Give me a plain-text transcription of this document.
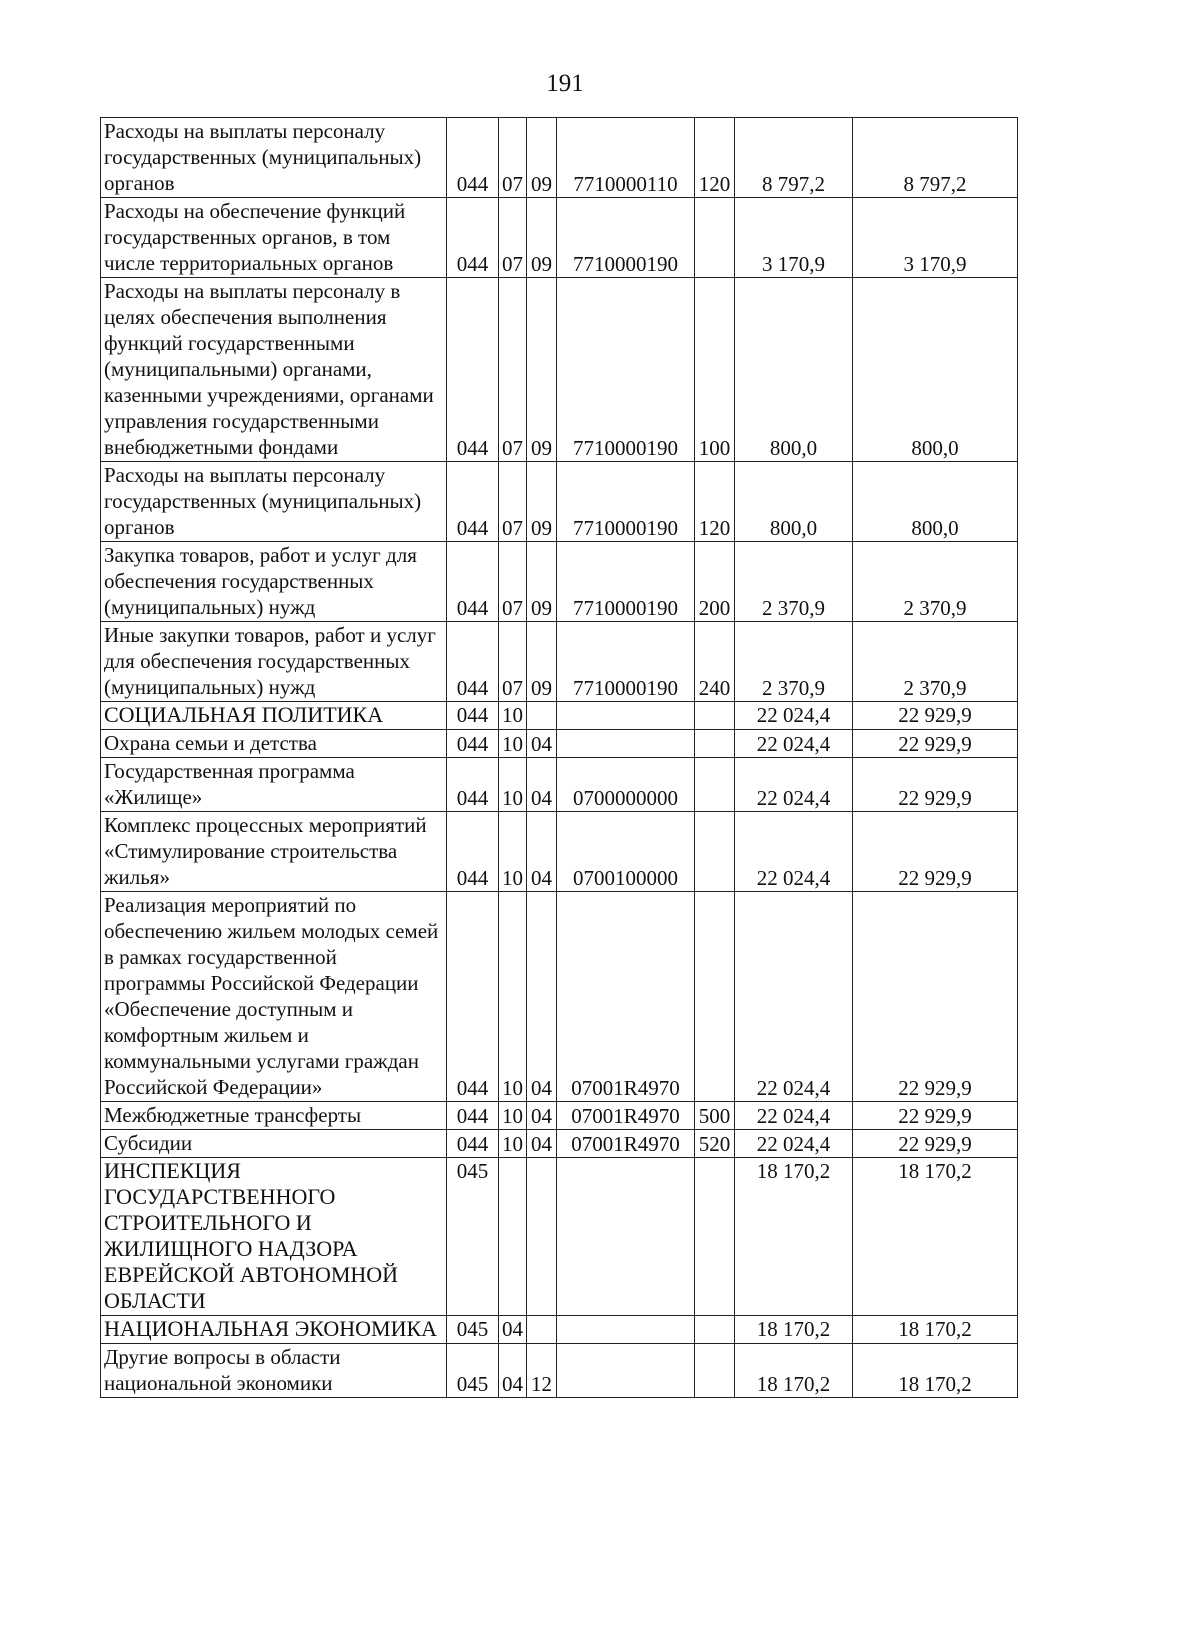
191
Расходы на выплаты персоналу государственных (муниципальных) органов	044	07	09	7710000110	120	8 797,2	8 797,2
Расходы на обеспечение функций государственных органов, в том числе территориальных органов	044	07	09	7710000190		3 170,9	3 170,9
Расходы на выплаты персоналу в целях обеспечения выполнения функций государственными (муниципальными) органами, казенными учреждениями, органами управления государственными внебюджетными фондами	044	07	09	7710000190	100	800,0	800,0
Расходы на выплаты персоналу государственных (муниципальных) органов	044	07	09	7710000190	120	800,0	800,0
Закупка товаров, работ и услуг для обеспечения государственных (муниципальных) нужд	044	07	09	7710000190	200	2 370,9	2 370,9
Иные закупки товаров, работ и услуг для обеспечения государственных (муниципальных) нужд	044	07	09	7710000190	240	2 370,9	2 370,9
СОЦИАЛЬНАЯ ПОЛИТИКА	044	10				22 024,4	22 929,9
Охрана семьи и детства	044	10	04			22 024,4	22 929,9
Государственная программа «Жилище»	044	10	04	0700000000		22 024,4	22 929,9
Комплекс процессных мероприятий «Стимулирование строительства жилья»	044	10	04	0700100000		22 024,4	22 929,9
Реализация мероприятий по обеспечению жильем молодых семей в рамках государственной программы Российской Федерации «Обеспечение доступным и комфортным жильем и коммунальными услугами граждан Российской Федерации»	044	10	04	07001R4970		22 024,4	22 929,9
Межбюджетные трансферты	044	10	04	07001R4970	500	22 024,4	22 929,9
Субсидии	044	10	04	07001R4970	520	22 024,4	22 929,9
ИНСПЕКЦИЯ ГОСУДАРСТВЕННОГО СТРОИТЕЛЬНОГО И ЖИЛИЩНОГО НАДЗОРА ЕВРЕЙСКОЙ АВТОНОМНОЙ ОБЛАСТИ	045					18 170,2	18 170,2
НАЦИОНАЛЬНАЯ ЭКОНОМИКА	045	04				18 170,2	18 170,2
Другие вопросы в области национальной экономики	045	04	12			18 170,2	18 170,2
